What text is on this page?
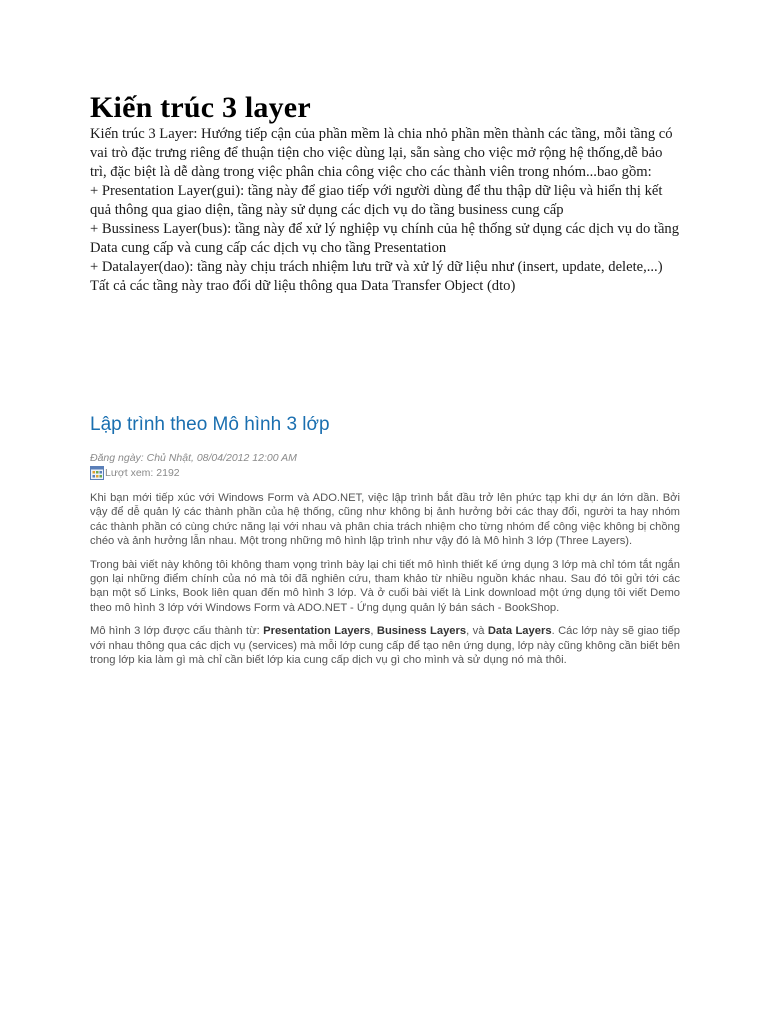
Kiến trúc 3 layer

Kiến trúc 3 Layer: Hướng tiếp cận của phần mềm là chia nhỏ phần mền thành các tầng, mỗi tầng có vai trò đặc trưng riêng để thuận tiện cho việc dùng lại, sẵn sàng cho việc mở rộng hệ thống,dễ bảo trì, đặc biệt là dễ dàng trong việc phân chia công việc cho các thành viên trong nhóm...bao gồm:

+ Presentation Layer(gui): tầng này để giao tiếp với người dùng để thu thập dữ liệu và hiển thị kết quả thông qua giao diện, tầng này sử dụng các dịch vụ do tầng business cung cấp

+ Bussiness Layer(bus): tầng này để xử lý nghiệp vụ chính của hệ thống sử dụng các dịch vụ do tầng Data cung cấp và cung cấp các dịch vụ cho tầng Presentation

+ Datalayer(dao): tầng này chịu trách nhiệm lưu trữ và xử lý dữ liệu như (insert, update, delete,...)

Tất cả các tầng này trao đổi dữ liệu thông qua Data Transfer Object (dto)

Lập trình theo Mô hình 3 lớp
Đăng ngày: Chủ Nhật, 08/04/2012 12:00 AM
Lượt xem: 2192

Khi bạn mới tiếp xúc với Windows Form và ADO.NET, việc lập trình bắt đầu trở lên phức tạp khi dự án lớn dần. Bởi vậy để dễ quản lý các thành phần của hệ thống, cũng như không bị ảnh hưởng bởi các thay đổi, người ta hay nhóm các thành phần có cùng chức năng lại với nhau và phân chia trách nhiệm cho từng nhóm để công việc không bị chồng chéo và ảnh hưởng lẫn nhau. Một trong những mô hình lập trình như vậy đó là Mô hình 3 lớp (Three Layers).

Trong bài viết này không tôi không tham vọng trình bày lại chi tiết mô hình thiết kế ứng dụng 3 lớp mà chỉ tóm tắt ngắn gọn lại những điểm chính của nó mà tôi đã nghiên cứu, tham khảo từ nhiều nguồn khác nhau. Sau đó tôi gửi tới các bạn một số Links, Book liên quan đến mô hình 3 lớp. Và ở cuối bài viết là Link download một ứng dụng tôi viết Demo theo mô hình 3 lớp với Windows Form và ADO.NET - Ứng dụng quản lý bán sách - BookShop.

Mô hình 3 lớp được cấu thành từ: Presentation Layers, Business Layers, và Data Layers. Các lớp này sẽ giao tiếp với nhau thông qua các dịch vụ (services) mà mỗi lớp cung cấp để tạo nên ứng dụng, lớp này cũng không cần biết bên trong lớp kia làm gì mà chỉ cần biết lớp kia cung cấp dịch vụ gì cho mình và sử dụng nó mà thôi.
